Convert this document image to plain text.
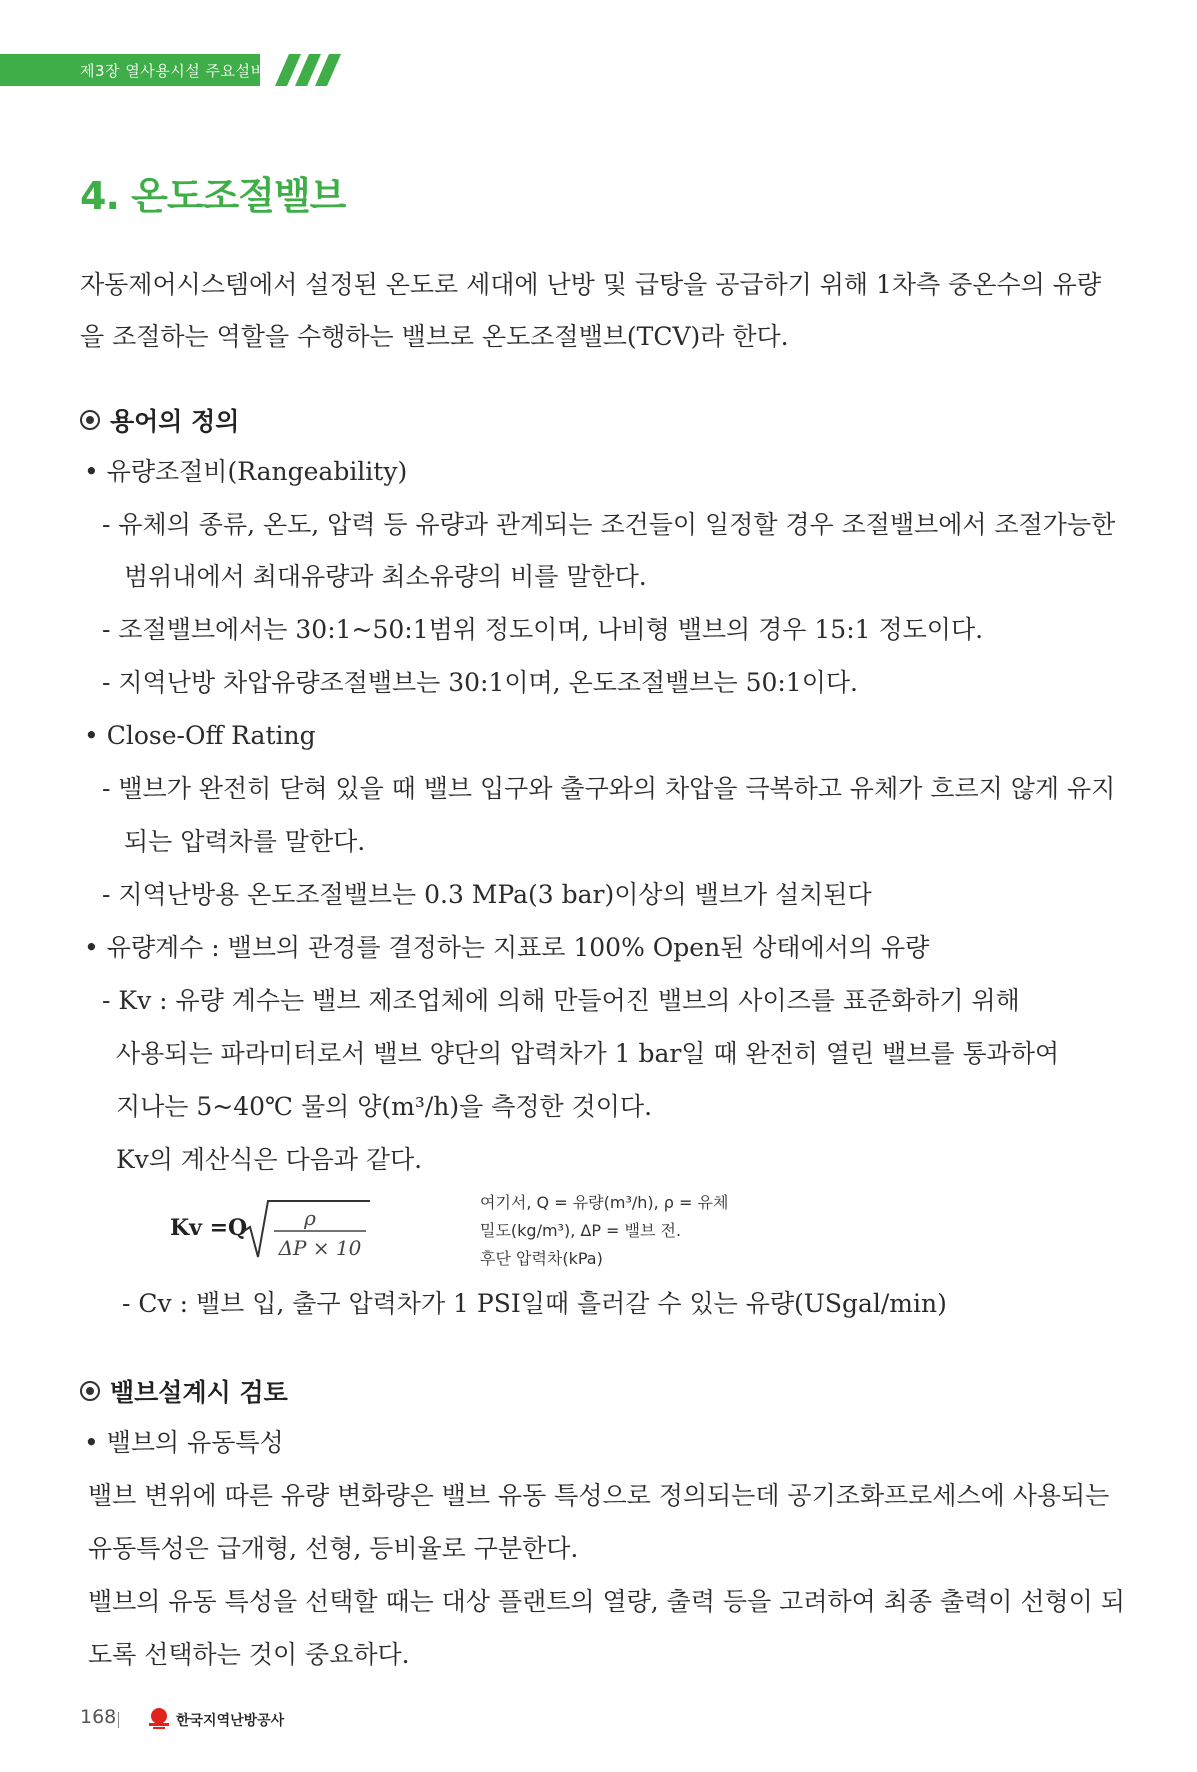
제3장 열사용시설 주요설비
4. 온도조절밸브
자동제어시스템에서 설정된 온도로 세대에 난방 및 급탕을 공급하기 위해 1차측 중온수의 유량
을 조절하는 역할을 수행하는 밸브로 온도조절밸브(TCV)라 한다.
용어의 정의
• 유량조절비(Rangeability)
- 유체의 종류, 온도, 압력 등 유량과 관계되는 조건들이 일정할 경우 조절밸브에서 조절가능한
범위내에서 최대유량과 최소유량의 비를 말한다.
- 조절밸브에서는 30:1~50:1범위 정도이며, 나비형 밸브의 경우 15:1 정도이다.
- 지역난방 차압유량조절밸브는 30:1이며, 온도조절밸브는 50:1이다.
• Close-Off Rating
- 밸브가 완전히 닫혀 있을 때 밸브 입구와 출구와의 차압을 극복하고 유체가 흐르지 않게 유지
되는 압력차를 말한다.
- 지역난방용 온도조절밸브는 0.3 MPa(3 bar)이상의 밸브가 설치된다
• 유량계수 : 밸브의 관경를 결정하는 지표로 100% Open된 상태에서의 유량
- Kv : 유량 계수는 밸브 제조업체에 의해 만들어진 밸브의 사이즈를 표준화하기 위해
사용되는 파라미터로서 밸브 양단의 압력차가 1 bar일 때 완전히 열린 밸브를 통과하여
지나는 5~40℃ 물의 양(m³/h)을 측정한 것이다.
Kv의 계산식은 다음과 같다.
Kv =Q	ρ
ΔP × 10
여기서, Q = 유량(m³/h), ρ = 유체
밀도(kg/m³), ΔP = 밸브 전.
후단 압력차(kPa)
- Cv : 밸브 입, 출구 압력차가 1 PSI일때 흘러갈 수 있는 유량(USgal/min)
밸브설계시 검토
• 밸브의 유동특성
밸브 변위에 따른 유량 변화량은 밸브 유동 특성으로 정의되는데 공기조화프로세스에 사용되는
유동특성은 급개형, 선형, 등비율로 구분한다.
밸브의 유동 특성을 선택할 때는 대상 플랜트의 열량, 출력 등을 고려하여 최종 출력이 선형이 되
도록 선택하는 것이 중요하다.
168	한국지역난방공사
